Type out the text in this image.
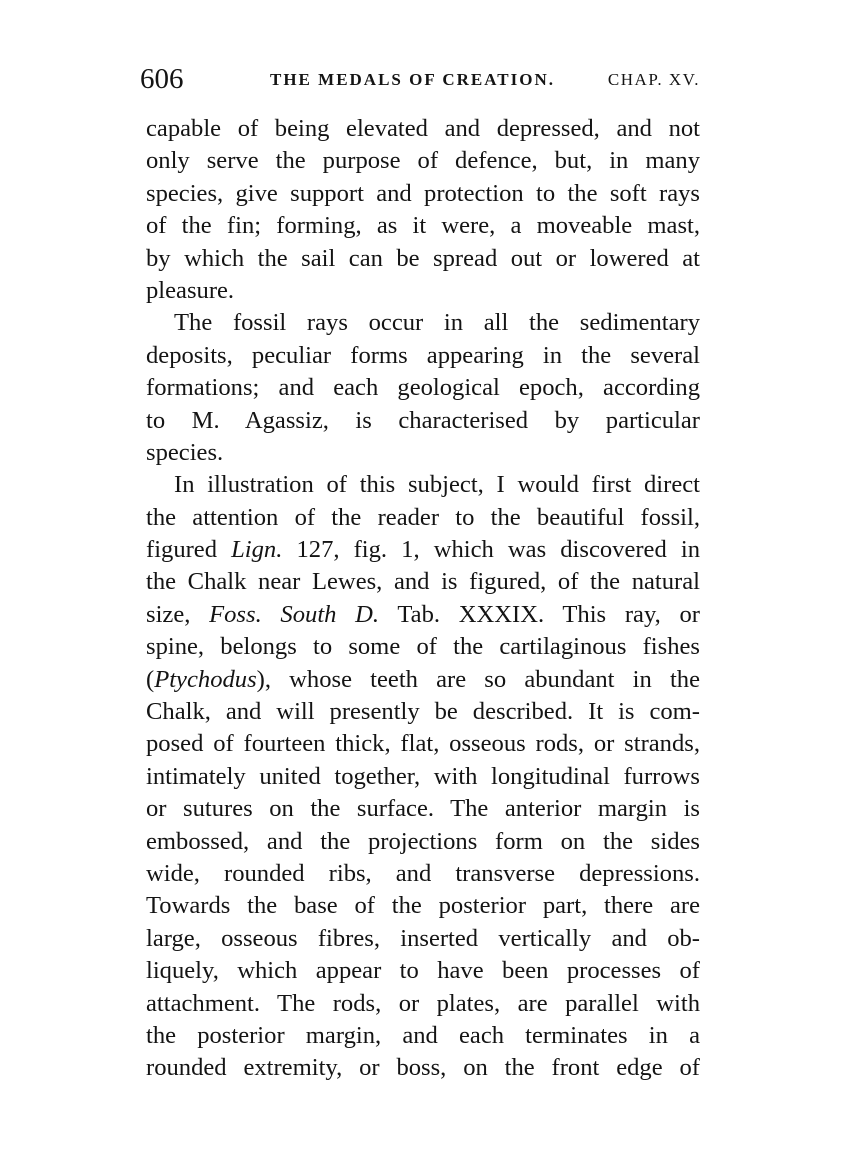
606	THE MEDALS OF CREATION.	CHAP. XV.
capable of being elevated and depressed, and not
only serve the purpose of defence, but, in many
species, give support and protection to the soft rays
of the fin; forming, as it were, a moveable mast,
by which the sail can be spread out or lowered at
pleasure.
The fossil rays occur in all the sedimentary
deposits, peculiar forms appearing in the several
formations; and each geological epoch, according
to M. Agassiz, is characterised by particular
species.
In illustration of this subject, I would first direct
the attention of the reader to the beautiful fossil,
figured Lign. 127, fig. 1, which was discovered in
the Chalk near Lewes, and is figured, of the natural
size, Foss. South D. Tab. XXXIX. This ray, or
spine, belongs to some of the cartilaginous fishes
(Ptychodus), whose teeth are so abundant in the
Chalk, and will presently be described. It is com-
posed of fourteen thick, flat, osseous rods, or strands,
intimately united together, with longitudinal furrows
or sutures on the surface. The anterior margin is
embossed, and the projections form on the sides
wide, rounded ribs, and transverse depressions.
Towards the base of the posterior part, there are
large, osseous fibres, inserted vertically and ob-
liquely, which appear to have been processes of
attachment. The rods, or plates, are parallel with
the posterior margin, and each terminates in a
rounded extremity, or boss, on the front edge of
